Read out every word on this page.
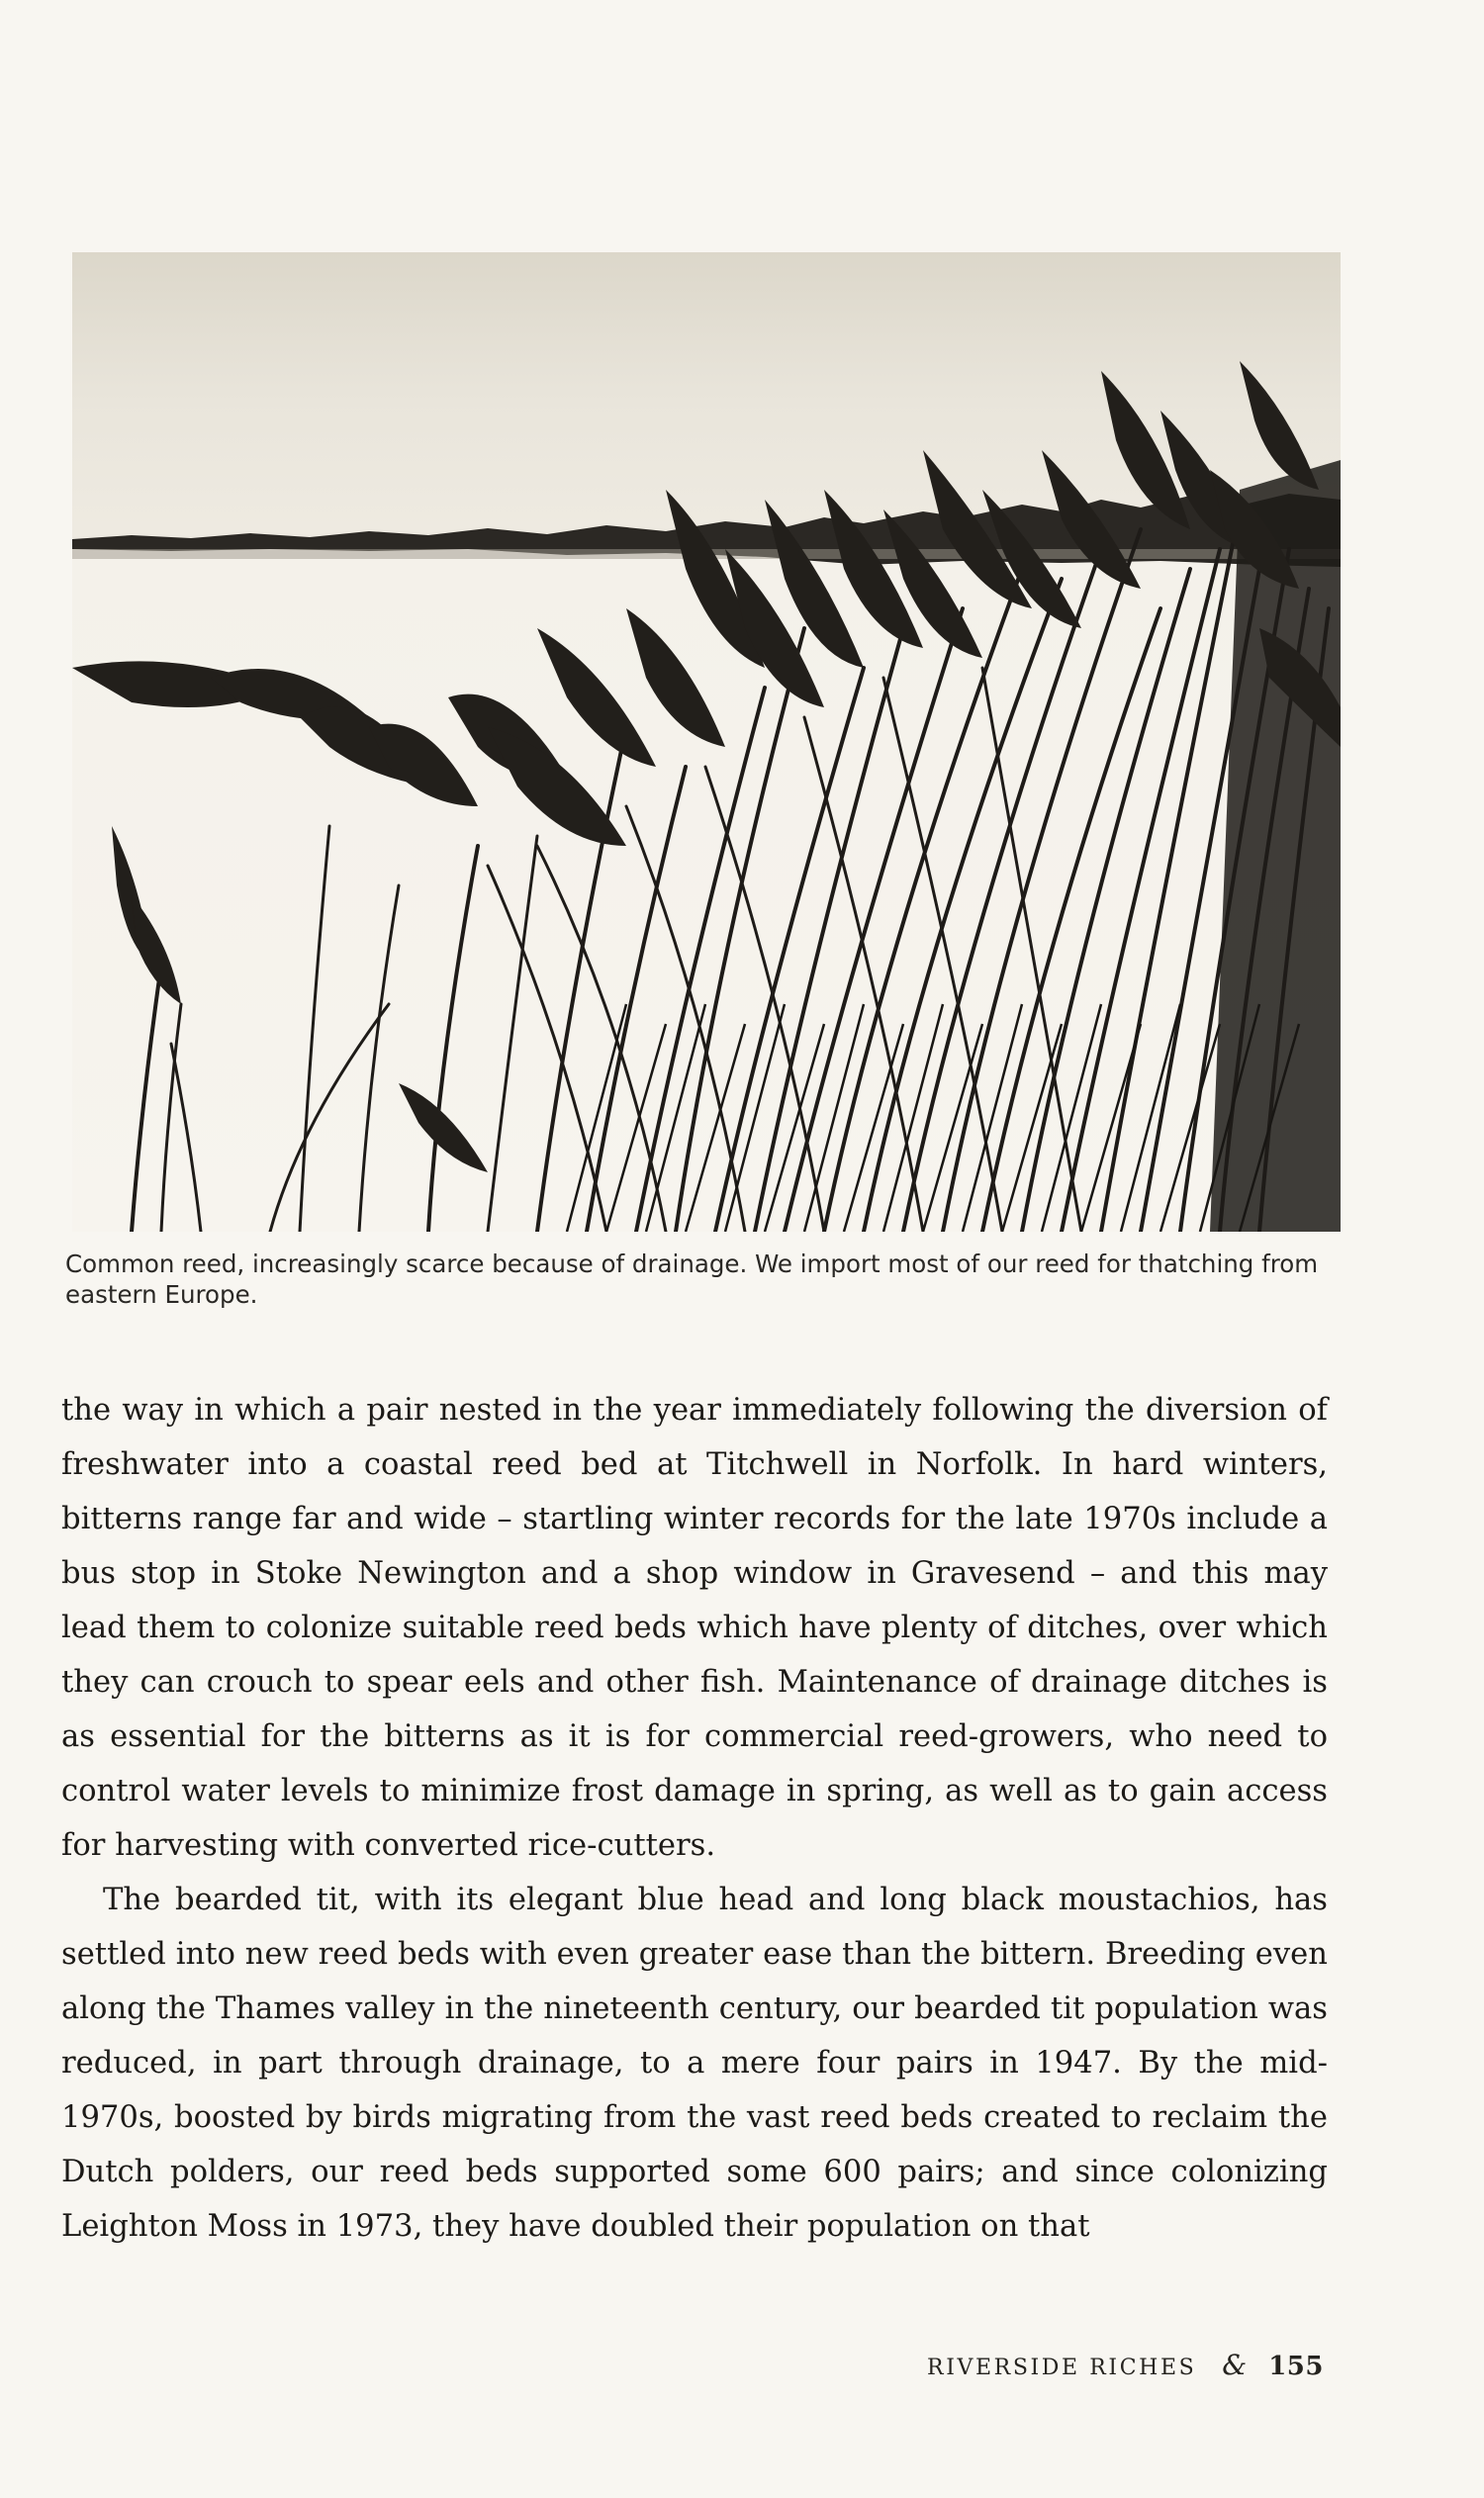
Common reed, increasingly scarce because of drainage. We import most of our reed for thatching from eastern Europe.

the way in which a pair nested in the year immediately following the diversion of freshwater into a coastal reed bed at Titchwell in Norfolk. In hard winters, bitterns range far and wide – startling winter records for the late 1970s include a bus stop in Stoke Newington and a shop window in Gravesend – and this may lead them to colonize suitable reed beds which have plenty of ditches, over which they can crouch to spear eels and other fish. Maintenance of drainage ditches is as essential for the bitterns as it is for commercial reed-growers, who need to control water levels to minimize frost damage in spring, as well as to gain access for harvesting with converted rice-cutters.

The bearded tit, with its elegant blue head and long black moustachios, has settled into new reed beds with even greater ease than the bittern. Breeding even along the Thames valley in the nineteenth century, our bearded tit population was reduced, in part through drainage, to a mere four pairs in 1947. By the mid-1970s, boosted by birds migrating from the vast reed beds created to reclaim the Dutch polders, our reed beds supported some 600 pairs; and since colonizing Leighton Moss in 1973, they have doubled their population on that

RIVERSIDE RICHES & 155
